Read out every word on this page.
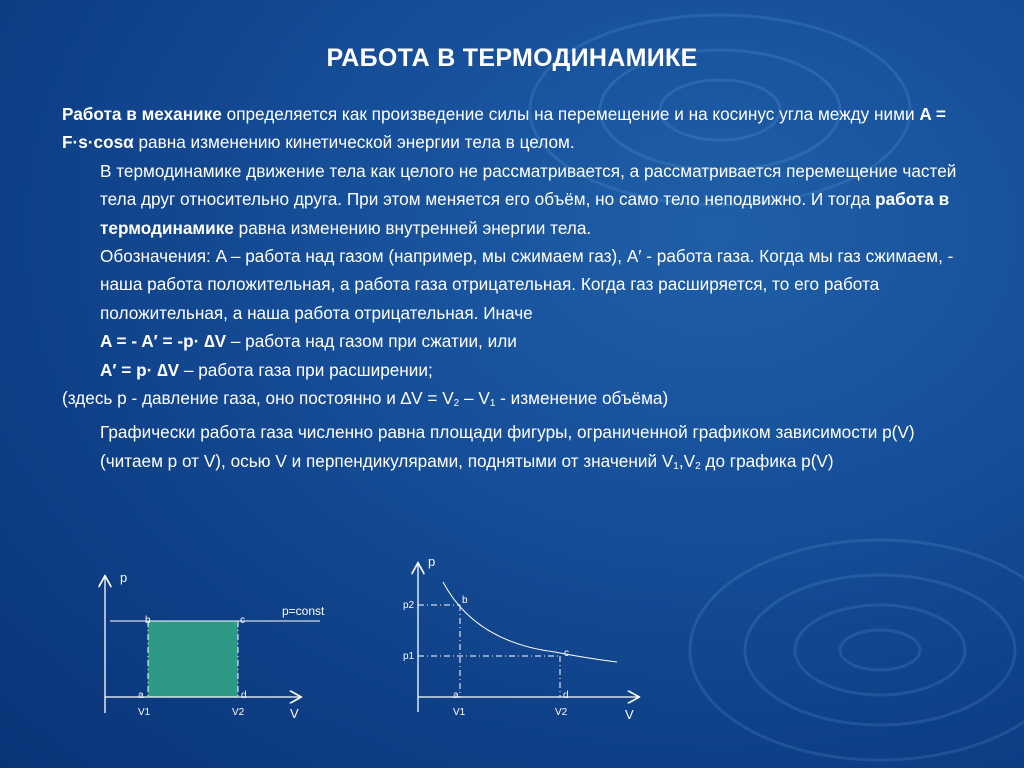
РАБОТА В ТЕРМОДИНАМИКЕ

Работа в механике определяется как произведение силы на перемещение и на косинус угла между ними A = F·s·cosα равна изменению кинетической энергии тела в целом.

В термодинамике движение тела как целого не рассматривается, а рассматривается перемещение частей тела друг относительно друга. При этом меняется его объём, но само тело неподвижно. И тогда работа в термодинамике равна изменению внутренней энергии тела.

Обозначения: A – работа над газом (например, мы сжимаем газ), A′ - работа газа. Когда мы газ сжимаем, - наша работа положительная, а работа газа отрицательная. Когда газ расширяется, то его работа положительная, а наша работа отрицательная. Иначе

A = - A′ = -p· ∆V – работа над газом при сжатии, или

A′ = p· ∆V – работа газа при расширении;

(здесь p - давление газа, оно постоянно и $\Delta V = V_2 - V_1$ - изменение объёма)

Графически работа газа численно равна площади фигуры, ограниченной графиком зависимости p(V) (читаем p от V), осью V и перпендикулярами, поднятыми от значений $V_1,V_2$ до графика p(V)

p
V
p=const
b	c
a	d
V1	V2
p
V
p2
p1
b
c
a	d
V1	V2
